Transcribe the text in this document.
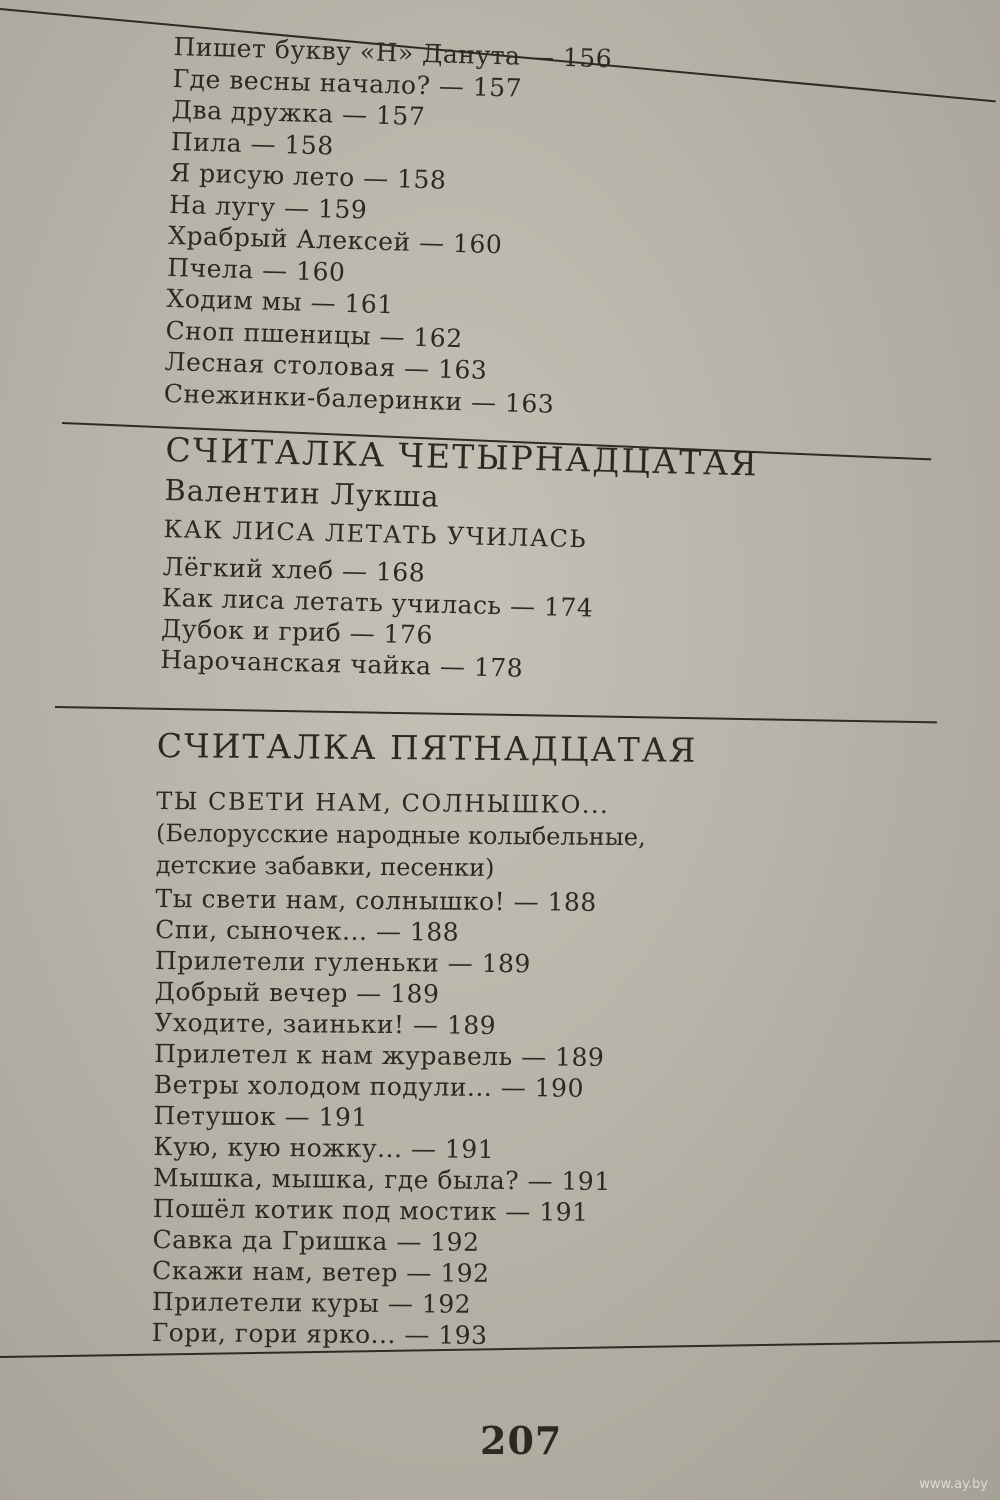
Пишет букву «Н» Данута — 156
Где весны начало? — 157
Два дружка — 157
Пила — 158
Я рисую лето — 158
На лугу — 159
Храбрый Алексей — 160
Пчела — 160
Ходим мы — 161
Сноп пшеницы — 162
Лесная столовая — 163
Снежинки-балеринки — 163
СЧИТАЛКА ЧЕТЫРНАДЦАТАЯ
Валентин Лукша
КАК ЛИСА ЛЕТАТЬ УЧИЛАСЬ
Лёгкий хлеб — 168
Как лиса летать училась — 174
Дубок и гриб — 176
Нарочанская чайка — 178
СЧИТАЛКА ПЯТНАДЦАТАЯ
ТЫ СВЕТИ НАМ, СОЛНЫШКО...
(Белорусские народные колыбельные,
детские забавки, песенки)
Ты свети нам, солнышко! — 188
Спи, сыночек... — 188
Прилетели гуленьки — 189
Добрый вечер — 189
Уходите, заиньки! — 189
Прилетел к нам журавель — 189
Ветры холодом подули... — 190
Петушок — 191
Кую, кую ножку... — 191
Мышка, мышка, где была? — 191
Пошёл котик под мостик — 191
Савка да Гришка — 192
Скажи нам, ветер — 192
Прилетели куры — 192
Гори, гори ярко... — 193
207
www.ay.by
